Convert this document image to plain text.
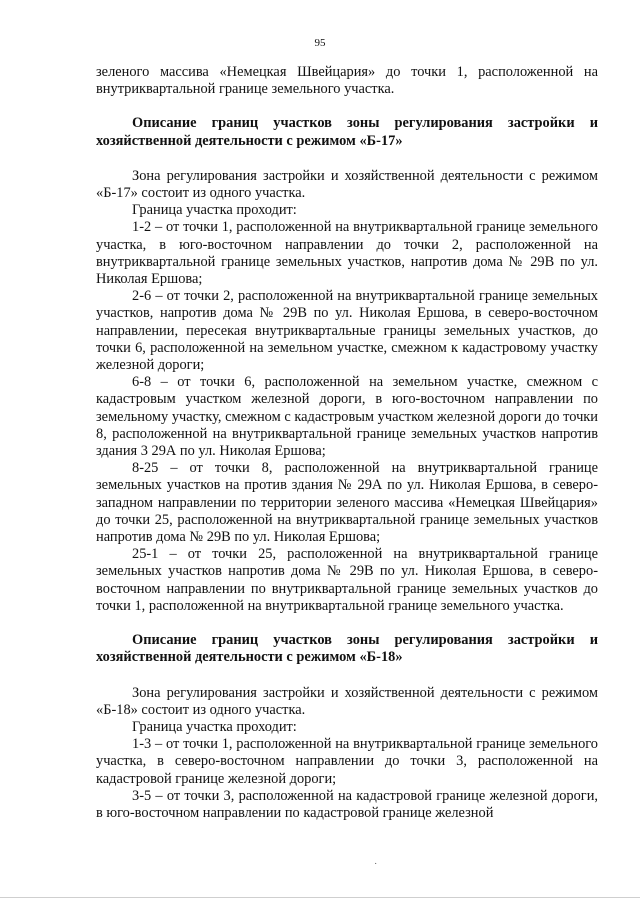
95

зеленого массива «Немецкая Швейцария» до точки 1, расположенной на внутриквартальной границе земельного участка.

Описание границ участков зоны регулирования застройки и хозяйственной деятельности с режимом «Б-17»

Зона регулирования застройки и хозяйственной деятельности с режимом «Б-17» состоит из одного участка.

Граница участка проходит:

1-2 – от точки 1, расположенной на внутриквартальной границе земельного участка, в юго-восточном направлении до точки 2, расположенной на внутриквартальной границе земельных участков, напротив дома № 29В по ул. Николая Ершова;

2-6 – от точки 2, расположенной на внутриквартальной границе земельных участков, напротив дома № 29В по ул. Николая Ершова, в северо-восточном направлении, пересекая внутриквартальные границы земельных участков, до точки 6, расположенной на земельном участке, смежном к кадастровому участку железной дороги;

6-8 – от точки 6, расположенной на земельном участке, смежном с кадастровым участком железной дороги, в юго-восточном направлении по земельному участку, смежном с кадастровым участком железной дороги до точки 8, расположенной на внутриквартальной границе земельных участков напротив здания 3 29А по ул. Николая Ершова;

8-25 – от точки 8, расположенной на внутриквартальной границе земельных участков на против здания № 29А по ул. Николая Ершова, в северо-западном направлении по территории зеленого массива «Немецкая Швейцария» до точки 25, расположенной на внутриквартальной границе земельных участков напротив дома № 29В по ул. Николая Ершова;

25-1 – от точки 25, расположенной на внутриквартальной границе земельных участков напротив дома № 29В по ул. Николая Ершова, в северо-восточном направлении по внутриквартальной границе земельных участков до точки 1, расположенной на внутриквартальной границе земельного участка.

Описание границ участков зоны регулирования застройки и хозяйственной деятельности с режимом «Б-18»

Зона регулирования застройки и хозяйственной деятельности с режимом «Б-18» состоит из одного участка.

Граница участка проходит:

1-3 – от точки 1, расположенной на внутриквартальной границе земельного участка, в северо-восточном направлении до точки 3, расположенной на кадастровой границе железной дороги;

3-5 – от точки 3, расположенной на кадастровой границе железной дороги, в юго-восточном направлении по кадастровой границе железной

˙
